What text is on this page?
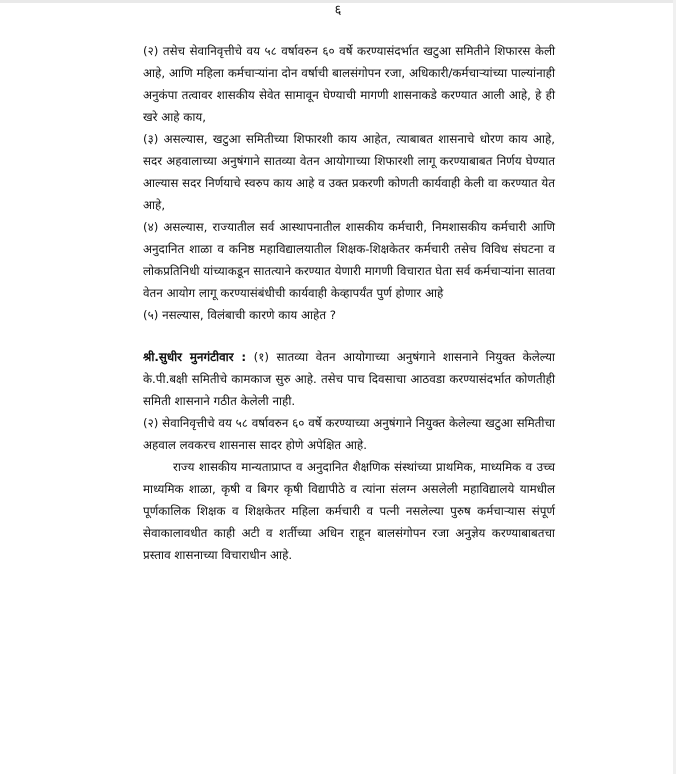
६

(२) तसेच सेवानिवृत्तीचे वय ५८ वर्षावरुन ६० वर्षे करण्यासंदर्भात खटुआ समितीने शिफारस केली आहे, आणि महिला कर्मचाऱ्यांना दोन वर्षाची बालसंगोपन रजा, अधिकारी/कर्मचाऱ्यांच्या पाल्यांनाही अनुकंपा तत्वावर शासकीय सेवेत सामावून घेण्याची मागणी शासनाकडे करण्यात आली आहे, हे ही खरे आहे काय,

(३) असल्यास, खटुआ समितीच्या शिफारशी काय आहेत, त्याबाबत शासनाचे धोरण काय आहे, सदर अहवालाच्या अनुषंगाने सातव्या वेतन आयोगाच्या शिफारशी लागू करण्याबाबत निर्णय घेण्यात आल्यास सदर निर्णयाचे स्वरुप काय आहे व उक्त प्रकरणी कोणती कार्यवाही केली वा करण्यात येत आहे,

(४) असल्यास, राज्यातील सर्व आस्थापनातील शासकीय कर्मचारी, निमशासकीय कर्मचारी आणि अनुदानित शाळा व कनिष्ठ महाविद्यालयातील शिक्षक-शिक्षकेतर कर्मचारी तसेच विविध संघटना व लोकप्रतिनिधी यांच्याकडून सातत्याने करण्यात येणारी मागणी विचारात घेता सर्व कर्मचाऱ्यांना सातवा वेतन आयोग लागू करण्यासंबंधीची कार्यवाही केव्हापर्यंत पुर्ण होणार आहे

(५) नसल्यास, विलंबाची कारणे काय आहेत ?

श्री.सुधीर मुनगंटीवार : (१) सातव्या वेतन आयोगाच्या अनुषंगाने शासनाने नियुक्त केलेल्या के.पी.बक्षी समितीचे कामकाज सुरु आहे. तसेच पाच दिवसाचा आठवडा करण्यासंदर्भात कोणतीही समिती शासनाने गठीत केलेली नाही.

(२) सेवानिवृत्तीचे वय ५८ वर्षावरुन ६० वर्षे करण्याच्या अनुषंगाने नियुक्त केलेल्या खटुआ समितीचा अहवाल लवकरच शासनास सादर होणे अपेक्षित आहे.

राज्य शासकीय मान्यताप्राप्त व अनुदानित शैक्षणिक संस्थांच्या प्राथमिक, माध्यमिक व उच्च माध्यमिक शाळा, कृषी व बिगर कृषी विद्यापीठे व त्यांना संलग्न असलेली महाविद्यालये यामधील पूर्णकालिक शिक्षक व शिक्षकेतर महिला कर्मचारी व पत्नी नसलेल्या पुरुष कर्मचाऱ्यास संपूर्ण सेवाकालावधीत काही अटी व शर्तीच्या अधिन राहून बालसंगोपन रजा अनुज्ञेय करण्याबाबतचा प्रस्ताव शासनाच्या विचाराधीन आहे.
